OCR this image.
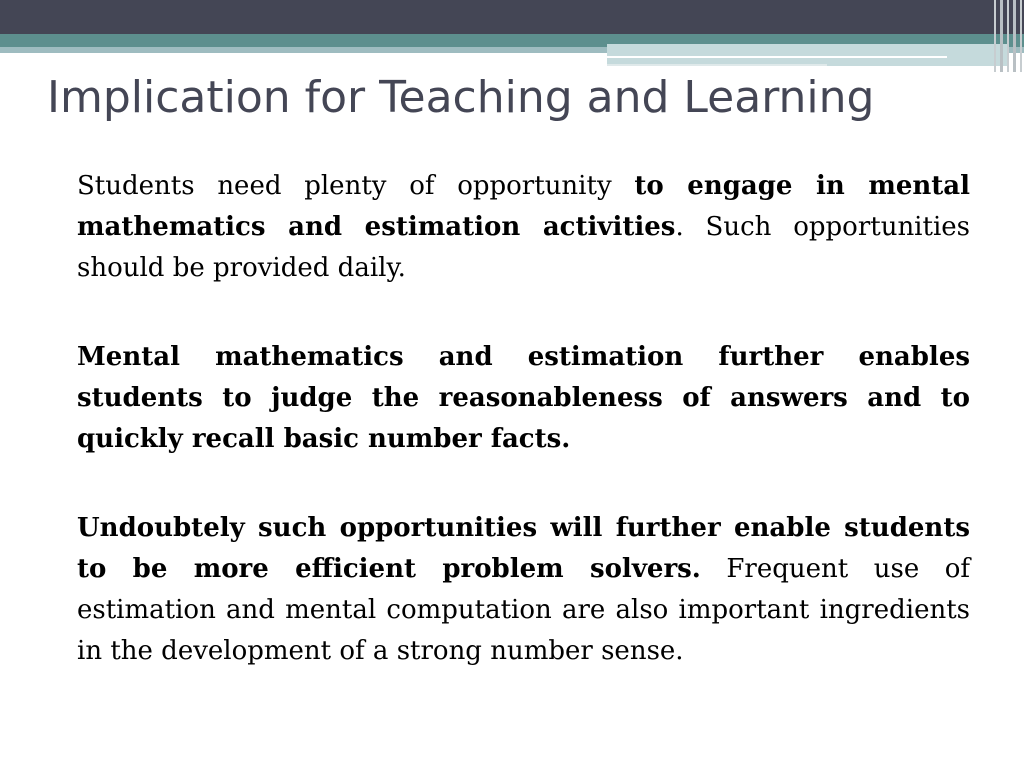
Implication for Teaching and Learning

Students need plenty of opportunity to engage in mental mathematics and estimation activities. Such opportunities should be provided daily.

Mental mathematics and estimation further enables students to judge the reasonableness of answers and to quickly recall basic number facts.

Undoubtely such opportunities will further enable students to be more efficient problem solvers. Frequent use of estimation and mental computation are also important ingredients in the development of a strong number sense.
